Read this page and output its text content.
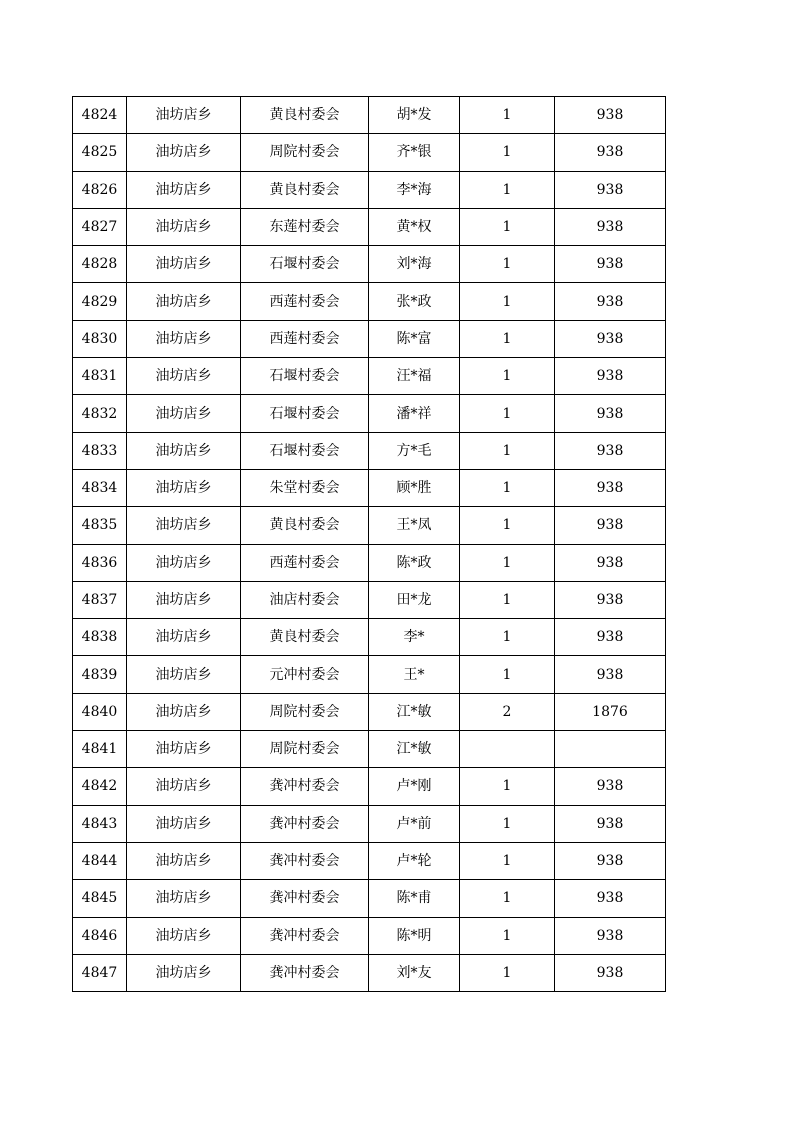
4824	油坊店乡	黄良村委会	胡*发	1	938
4825	油坊店乡	周院村委会	齐*银	1	938
4826	油坊店乡	黄良村委会	李*海	1	938
4827	油坊店乡	东莲村委会	黄*权	1	938
4828	油坊店乡	石堰村委会	刘*海	1	938
4829	油坊店乡	西莲村委会	张*政	1	938
4830	油坊店乡	西莲村委会	陈*富	1	938
4831	油坊店乡	石堰村委会	汪*福	1	938
4832	油坊店乡	石堰村委会	潘*祥	1	938
4833	油坊店乡	石堰村委会	方*毛	1	938
4834	油坊店乡	朱堂村委会	顾*胜	1	938
4835	油坊店乡	黄良村委会	王*凤	1	938
4836	油坊店乡	西莲村委会	陈*政	1	938
4837	油坊店乡	油店村委会	田*龙	1	938
4838	油坊店乡	黄良村委会	李*	1	938
4839	油坊店乡	元冲村委会	王*	1	938
4840	油坊店乡	周院村委会	江*敏	2	1876
4841	油坊店乡	周院村委会	江*敏		
4842	油坊店乡	龚冲村委会	卢*刚	1	938
4843	油坊店乡	龚冲村委会	卢*前	1	938
4844	油坊店乡	龚冲村委会	卢*轮	1	938
4845	油坊店乡	龚冲村委会	陈*甫	1	938
4846	油坊店乡	龚冲村委会	陈*明	1	938
4847	油坊店乡	龚冲村委会	刘*友	1	938
